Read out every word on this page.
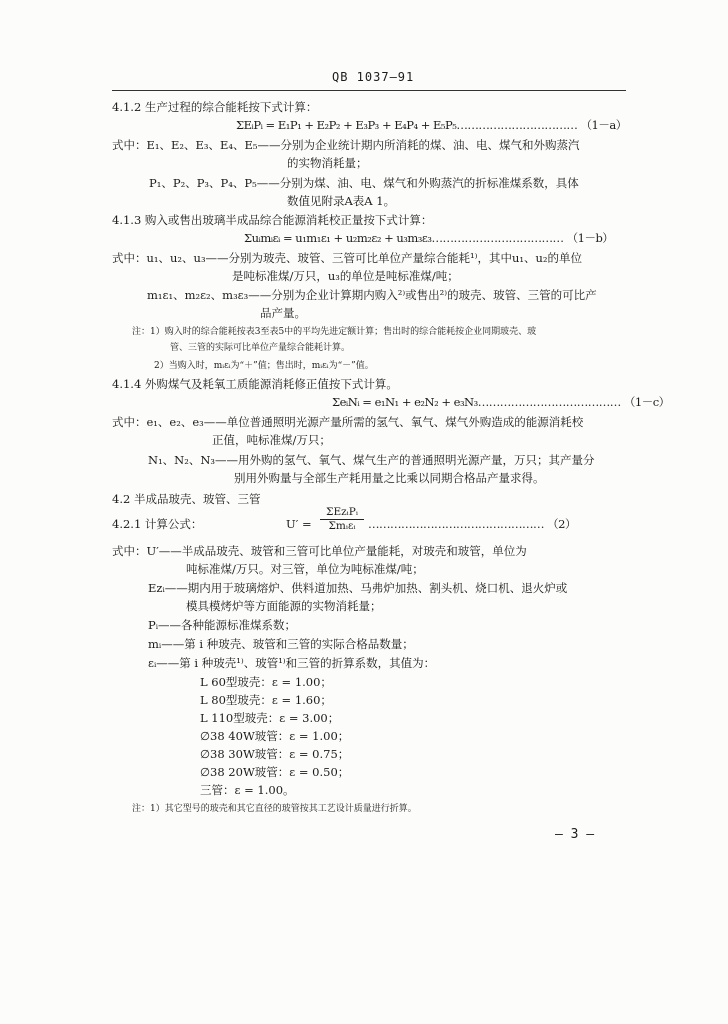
QB 1037—91
4.1.2 生产过程的综合能耗按下式计算：
ΣEᵢPᵢ = E₁P₁ + E₂P₂ + E₃P₃ + E₄P₄ + E₅P₅…………………………… （1－a）
式中：E₁、E₂、E₃、E₄、E₅——分别为企业统计期内所消耗的煤、油、电、煤气和外购蒸汽
的实物消耗量；
P₁、P₂、P₃、P₄、P₅——分别为煤、油、电、煤气和外购蒸汽的折标准煤系数，具体
数值见附录A表A 1。
4.1.3 购入或售出玻璃半成品综合能源消耗校正量按下式计算：
Σuᵢmᵢεᵢ = u₁m₁ε₁ + u₂m₂ε₂ + u₃m₃ε₃……………………………… （1－b）
式中：u₁、u₂、u₃——分别为玻壳、玻管、三管可比单位产量综合能耗¹⁾，其中u₁、u₂的单位
是吨标准煤/万只，u₃的单位是吨标准煤/吨；
m₁ε₁、m₂ε₂、m₃ε₃——分别为企业计算期内购入²⁾或售出²⁾的玻壳、玻管、三管的可比产
品产量。
注：1）购入时的综合能耗按表3至表5中的平均先进定额计算；售出时的综合能耗按企业同期玻壳、玻
管、三管的实际可比单位产量综合能耗计算。
2）当购入时，mᵢεᵢ为“＋”值；售出时，mᵢεᵢ为“－”值。
4.1.4 外购煤气及耗氧工质能源消耗修正值按下式计算。
ΣeᵢNᵢ = e₁N₁ + e₂N₂ + e₃N₃………………………………… （1－c）
式中：e₁、e₂、e₃——单位普通照明光源产量所需的氢气、氧气、煤气外购造成的能源消耗校
正值，吨标准煤/万只；
N₁、N₂、N₃——用外购的氢气、氧气、煤气生产的普通照明光源产量，万只；其产量分
别用外购量与全部生产耗用量之比乘以同期合格品产量求得。
4.2 半成品玻壳、玻管、三管
4.2.1 计算公式：	U′ =
ΣEzᵢPᵢ
Σmᵢεᵢ	………………………………………… （2）
式中：U′——半成品玻壳、玻管和三管可比单位产量能耗，对玻壳和玻管，单位为
吨标准煤/万只。对三管，单位为吨标准煤/吨；
Ezᵢ——期内用于玻璃熔炉、供料道加热、马弗炉加热、割头机、烧口机、退火炉或
模具模烤炉等方面能源的实物消耗量；
Pᵢ——各种能源标准煤系数；
mᵢ——第 i 种玻壳、玻管和三管的实际合格品数量；
εᵢ——第 i 种玻壳¹⁾、玻管¹⁾和三管的折算系数，其值为：
L 60型玻壳：ε = 1.00；
L 80型玻壳：ε = 1.60；
L 110型玻壳：ε = 3.00；
∅38 40W玻管：ε = 1.00；
∅38 30W玻管：ε = 0.75；
∅38 20W玻管：ε = 0.50；
三管：ε = 1.00。
注：1）其它型号的玻壳和其它直径的玻管按其工艺设计质量进行折算。
— 3 —
